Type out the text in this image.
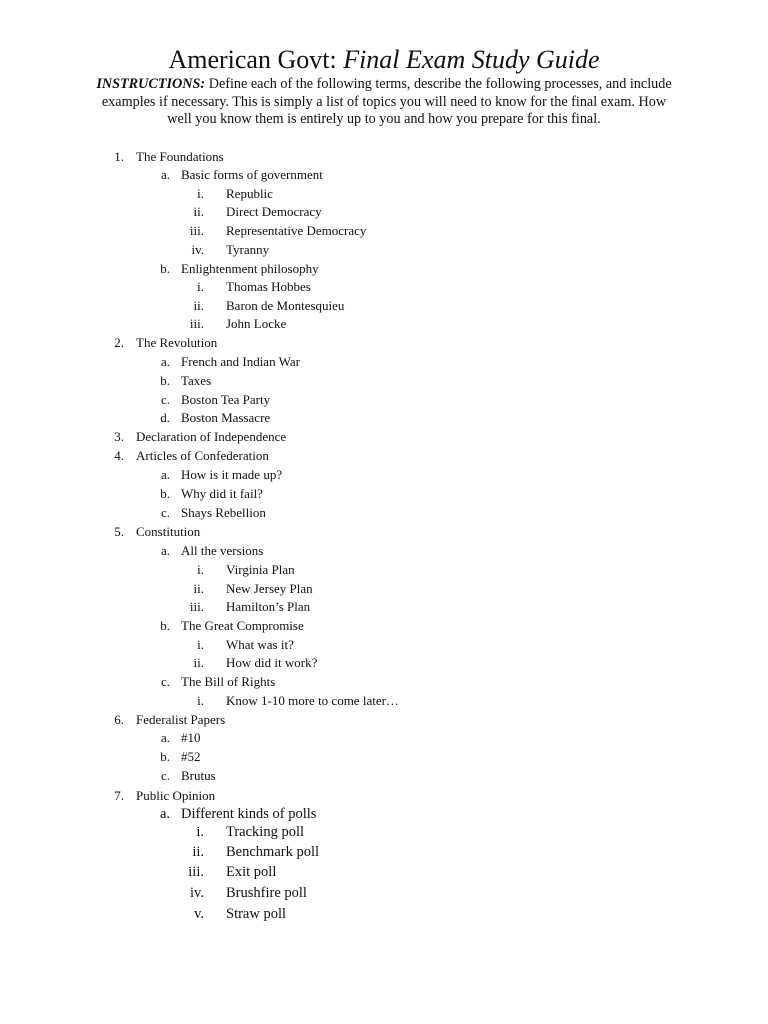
American Govt: Final Exam Study Guide
INSTRUCTIONS: Define each of the following terms, describe the following processes, and include examples if necessary. This is simply a list of topics you will need to know for the final exam. How well you know them is entirely up to you and how you prepare for this final.
1. The Foundations
a. Basic forms of government
i. Republic
ii. Direct Democracy
iii. Representative Democracy
iv. Tyranny
b. Enlightenment philosophy
i. Thomas Hobbes
ii. Baron de Montesquieu
iii. John Locke
2. The Revolution
a. French and Indian War
b. Taxes
c. Boston Tea Party
d. Boston Massacre
3. Declaration of Independence
4. Articles of Confederation
a. How is it made up?
b. Why did it fail?
c. Shays Rebellion
5. Constitution
a. All the versions
i. Virginia Plan
ii. New Jersey Plan
iii. Hamilton’s Plan
b. The Great Compromise
i. What was it?
ii. How did it work?
c. The Bill of Rights
i. Know 1-10 more to come later…
6. Federalist Papers
a. #10
b. #52
c. Brutus
7. Public Opinion
a. Different kinds of polls
i. Tracking poll
ii. Benchmark poll
iii. Exit poll
iv. Brushfire poll
v. Straw poll
